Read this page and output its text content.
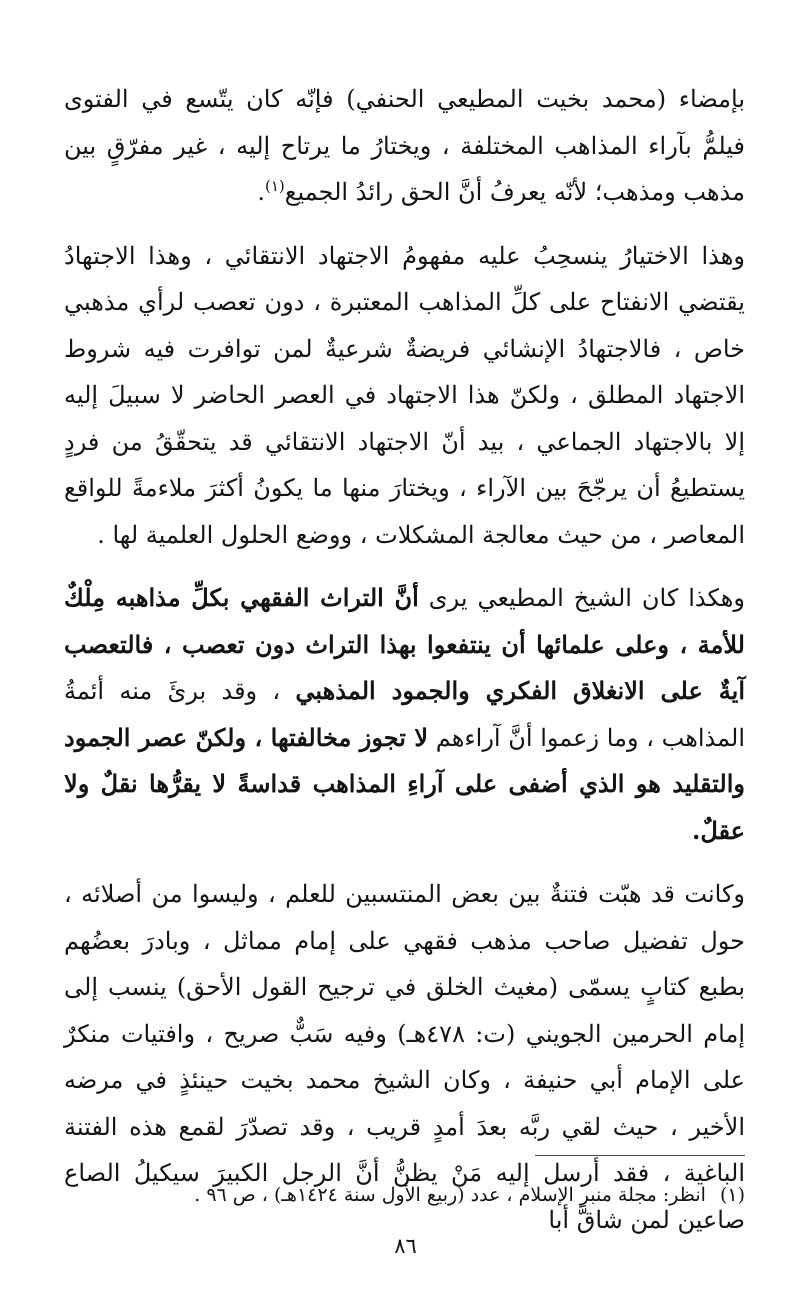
بإمضاء (محمد بخيت المطيعي الحنفي) فإنّه كان يتّسع في الفتوى فيلمُّ بآراء المذاهب المختلفة ، ويختارُ ما يرتاح إليه ، غير مفرّقٍ بين مذهب ومذهب؛ لأنّه يعرفُ أنَّ الحق رائدُ الجميع$^{(١)}$.

وهذا الاختيارُ ينسحِبُ عليه مفهومُ الاجتهاد الانتقائي ، وهذا الاجتهادُ يقتضي الانفتاح على كلِّ المذاهب المعتبرة ، دون تعصب لرأي مذهبي خاص ، فالاجتهادُ الإنشائي فريضةٌ شرعيةٌ لمن توافرت فيه شروط الاجتهاد المطلق ، ولكنّ هذا الاجتهاد في العصر الحاضر لا سبيلَ إليه إلا بالاجتهاد الجماعي ، بيد أنّ الاجتهاد الانتقائي قد يتحقّقُ من فردٍ يستطيعُ أن يرجّحَ بين الآراء ، ويختارَ منها ما يكونُ أكثرَ ملاءمةً للواقع المعاصر ، من حيث معالجة المشكلات ، ووضع الحلول العلمية لها .

وهكذا كان الشيخ المطيعي يرى أنَّ التراث الفقهي بكلِّ مذاهبه مِلْكٌ للأمة ، وعلى علمائها أن ينتفعوا بهذا التراث دون تعصب ، فالتعصب آيةٌ على الانغلاق الفكري والجمود المذهبي ، وقد برئَ منه أئمةُ المذاهب ، وما زعموا أنَّ آراءهم لا تجوز مخالفتها ، ولكنّ عصر الجمود والتقليد هو الذي أضفى على آراءِ المذاهب قداسةً لا يقرُّها نقلٌ ولا عقلٌ.

وكانت قد هبّت فتنةٌ بين بعض المنتسبين للعلم ، وليسوا من أصلائه ، حول تفضيل صاحب مذهب فقهي على إمام مماثل ، وبادرَ بعضُهم بطبع كتابٍ يسمّى (مغيث الخلق في ترجيح القول الأحق) ينسب إلى إمام الحرمين الجويني (ت: ٤٧٨هـ) وفيه سَبٌّ صريح ، وافتيات منكرٌ على الإمام أبي حنيفة ، وكان الشيخ محمد بخيت حينئذٍ في مرضه الأخير ، حيث لقي ربَّه بعدَ أمدٍ قريب ، وقد تصدّرَ لقمع هذه الفتنة الباغية ، فقد أرسل إليه مَنْ يظنُّ أنَّ الرجل الكبيرَ سيكيلُ الصاع صاعين لمن شاقَّ أبا

(١)انظر: مجلة منبر الإسلام ، عدد (ربيع الأول سنة ١٤٢٤هـ) ، ص ٩٦ .

٨٦
